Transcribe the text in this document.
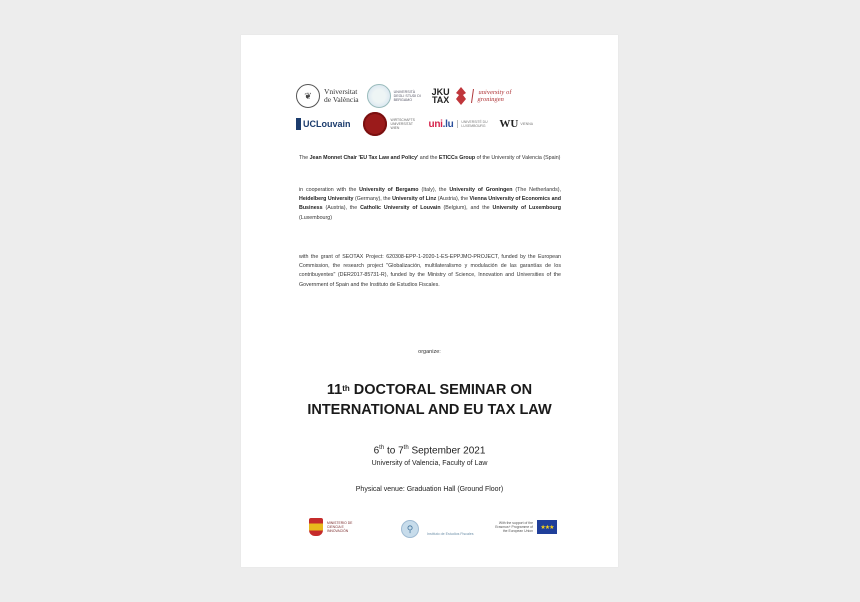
❦	Vniversitat
de València
UNIVERSITÀ DEGLI STUDI DI BERGAMO
JKU
TAX
university of
groningen
UCLouvain	WIRTSCHAFTS UNIVERSITÄT WIEN	uni.lu	UNIVERSITÉ DU LUXEMBOURG	WU VIENNA
The Jean Monnet Chair 'EU Tax Law and Policy' and the ETICCs Group of the University of Valencia (Spain)
in cooperation with the University of Bergamo (Italy), the University of Groningen (The Netherlands), Heidelberg University (Germany), the University of Linz (Austria), the Vienna University of Economics and Business (Austria), the Catholic University of Louvain (Belgium), and the University of Luxembourg (Luxembourg)
with the grant of SEOTAX Project: 620308-EPP-1-2020-1-ES-EPPJMO-PROJECT, funded by the European Commission, the research project "Globalización, multilateralismo y modulación de las garantías de los contribuyentes" (DER2017-85731-R), funded by the Ministry of Science, Innovation and Universities of the Government of Spain and the Instituto de Estudios Fiscales.
organize:
11th DOCTORAL SEMINAR ON
INTERNATIONAL AND EU TAX LAW
6th to 7th September 2021
University of Valencia, Faculty of Law
Physical venue: Graduation Hall (Ground Floor)
MINISTERIO DE CIENCIA E INNOVACIÓN	⚲
Instituto de Estudios Fiscales
With the support of the Erasmus+ Programme of the European Union
★★★
